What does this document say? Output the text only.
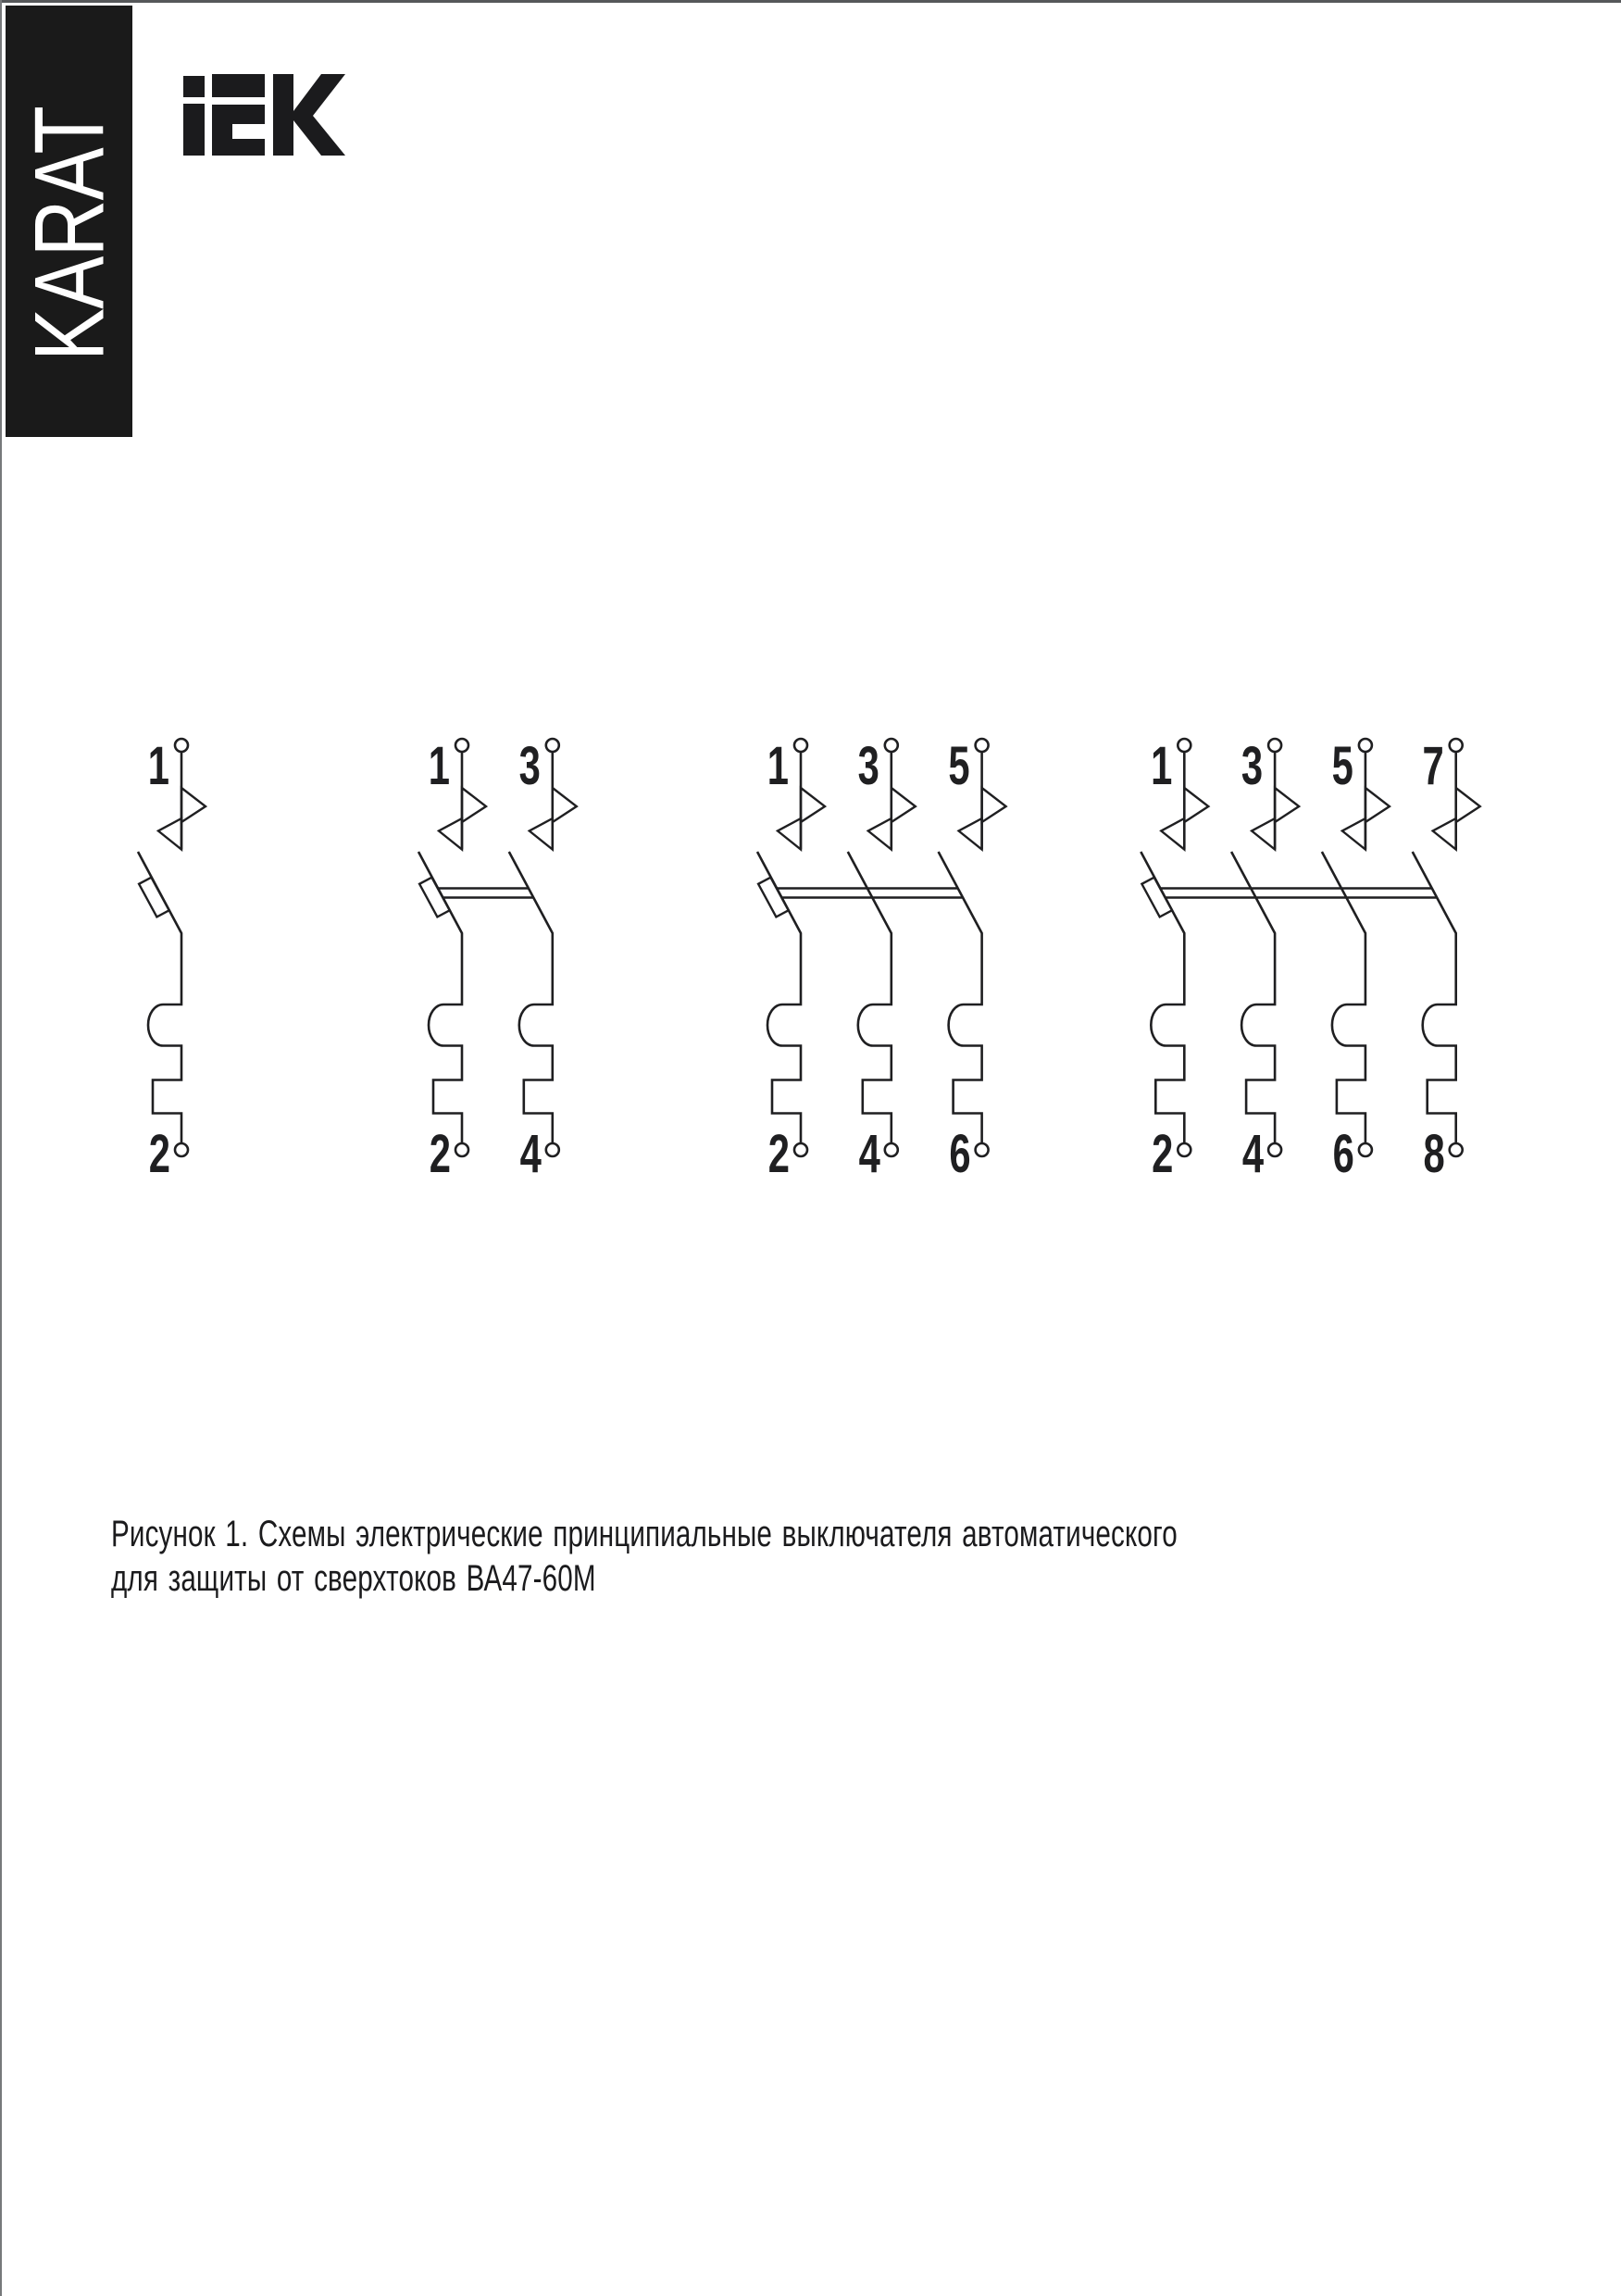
KARAT
1
2
1
2
3
4
1
2
3
4
5
6
1
2
3
4
5
6
7
8
Рисунок 1. Схемы электрические принципиальные выключателя автоматического
для защиты от сверхтоков ВА47-60М
